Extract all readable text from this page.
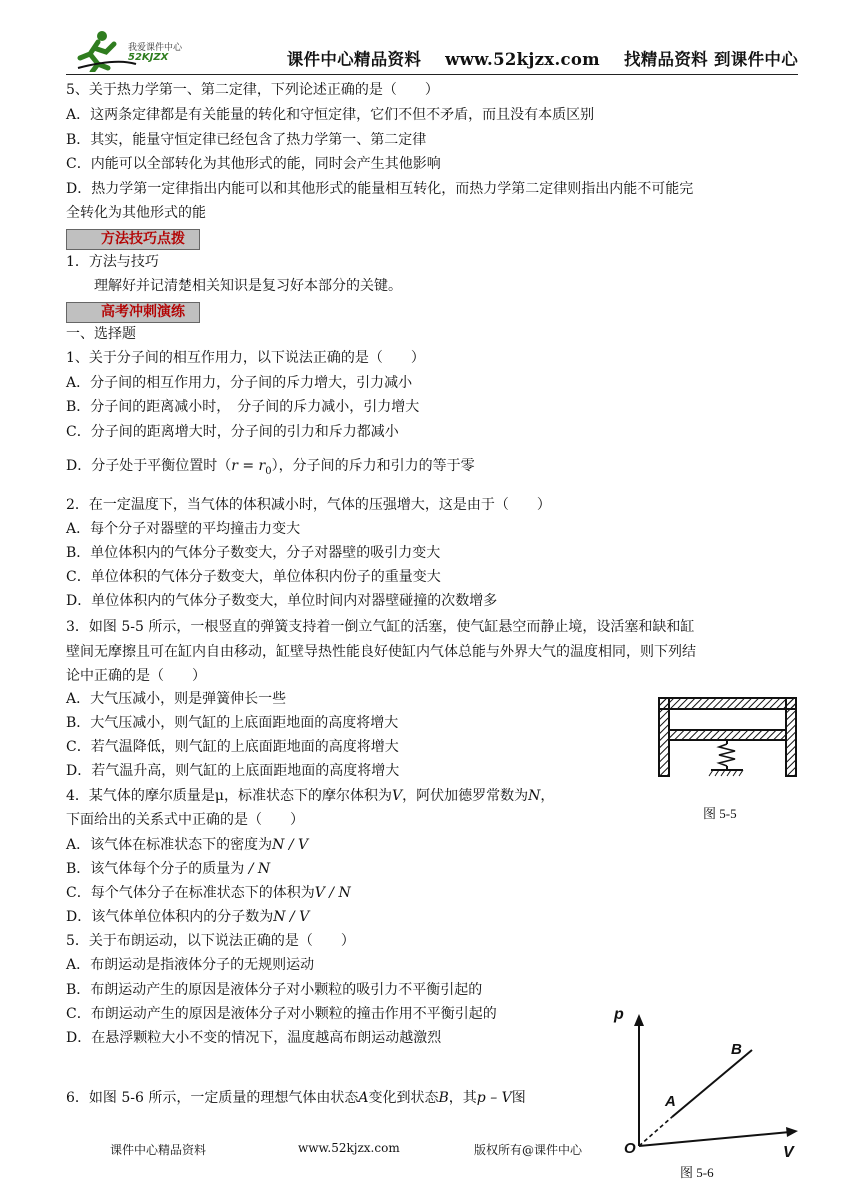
我爱课件中心
52KJZX	课件中心精品资料 www.52kjzx.com 找精品资料 到课件中心
5、关于热力学第一、第二定律，下列论述正确的是（　　）
A．这两条定律都是有关能量的转化和守恒定律，它们不但不矛盾，而且没有本质区别
B．其实，能量守恒定律已经包含了热力学第一、第二定律
C．内能可以全部转化为其他形式的能，同时会产生其他影响
D．热力学第一定律指出内能可以和其他形式的能量相互转化，而热力学第二定律则指出内能不可能完
全转化为其他形式的能
方法技巧点拨
1．方法与技巧
理解好并记清楚相关知识是复习好本部分的关键。
高考冲刺演练
一、选择题
1、关于分子间的相互作用力，以下说法正确的是（　　）
A．分子间的相互作用力，分子间的斥力增大，引力减小
B．分子间的距离减小时，　分子间的斥力减小，引力增大
C．分子间的距离增大时，分子间的引力和斥力都减小
D．分子处于平衡位置时$(r = r_0)$，分子间的斥力和引力的等于零
2．在一定温度下，当气体的体积减小时，气体的压强增大，这是由于（　　）
A．每个分子对器壁的平均撞击力变大
B．单位体积内的气体分子数变大，分子对器壁的吸引力变大
C．单位体积的气体分子数变大，单位体积内份子的重量变大
D．单位体积内的气体分子数变大，单位时间内对器壁碰撞的次数增多
3．如图 5-5 所示，一根竖直的弹簧支持着一倒立气缸的活塞，使气缸悬空而静止境，设活塞和缺和缸
壁间无摩擦且可在缸内自由移动，缸壁导热性能良好使缸内气体总能与外界大气的温度相同，则下列结
论中正确的是（　　）
A．大气压减小，则是弹簧伸长一些
B．大气压减小，则气缸的上底面距地面的高度将增大
C．若气温降低，则气缸的上底面距地面的高度将增大
D．若气温升高，则气缸的上底面距地面的高度将增大
图 5-5
4．某气体的摩尔质量是μ，标准状态下的摩尔体积为V，阿伏加德罗常数为N，
下面给出的关系式中正确的是（　　）
A．该气体在标准状态下的密度为N / V
B．该气体每个分子的质量为 / N
C．每个气体分子在标准状态下的体积为V / N
D．该气体单位体积内的分子数为N / V
5．关于布朗运动，以下说法正确的是（　　）
A．布朗运动是指液体分子的无规则运动
B．布朗运动产生的原因是液体分子对小颗粒的吸引力不平衡引起的
C．布朗运动产生的原因是液体分子对小颗粒的撞击作用不平衡引起的
D．在悬浮颗粒大小不变的情况下，温度越高布朗运动越激烈
6．如图 5-6 所示，一定质量的理想气体由状态A变化到状态B，其p – V图
p
V
O
A
B
图 5-6
课件中心精品资料	www.52kjzx.com	版权所有@课件中心
